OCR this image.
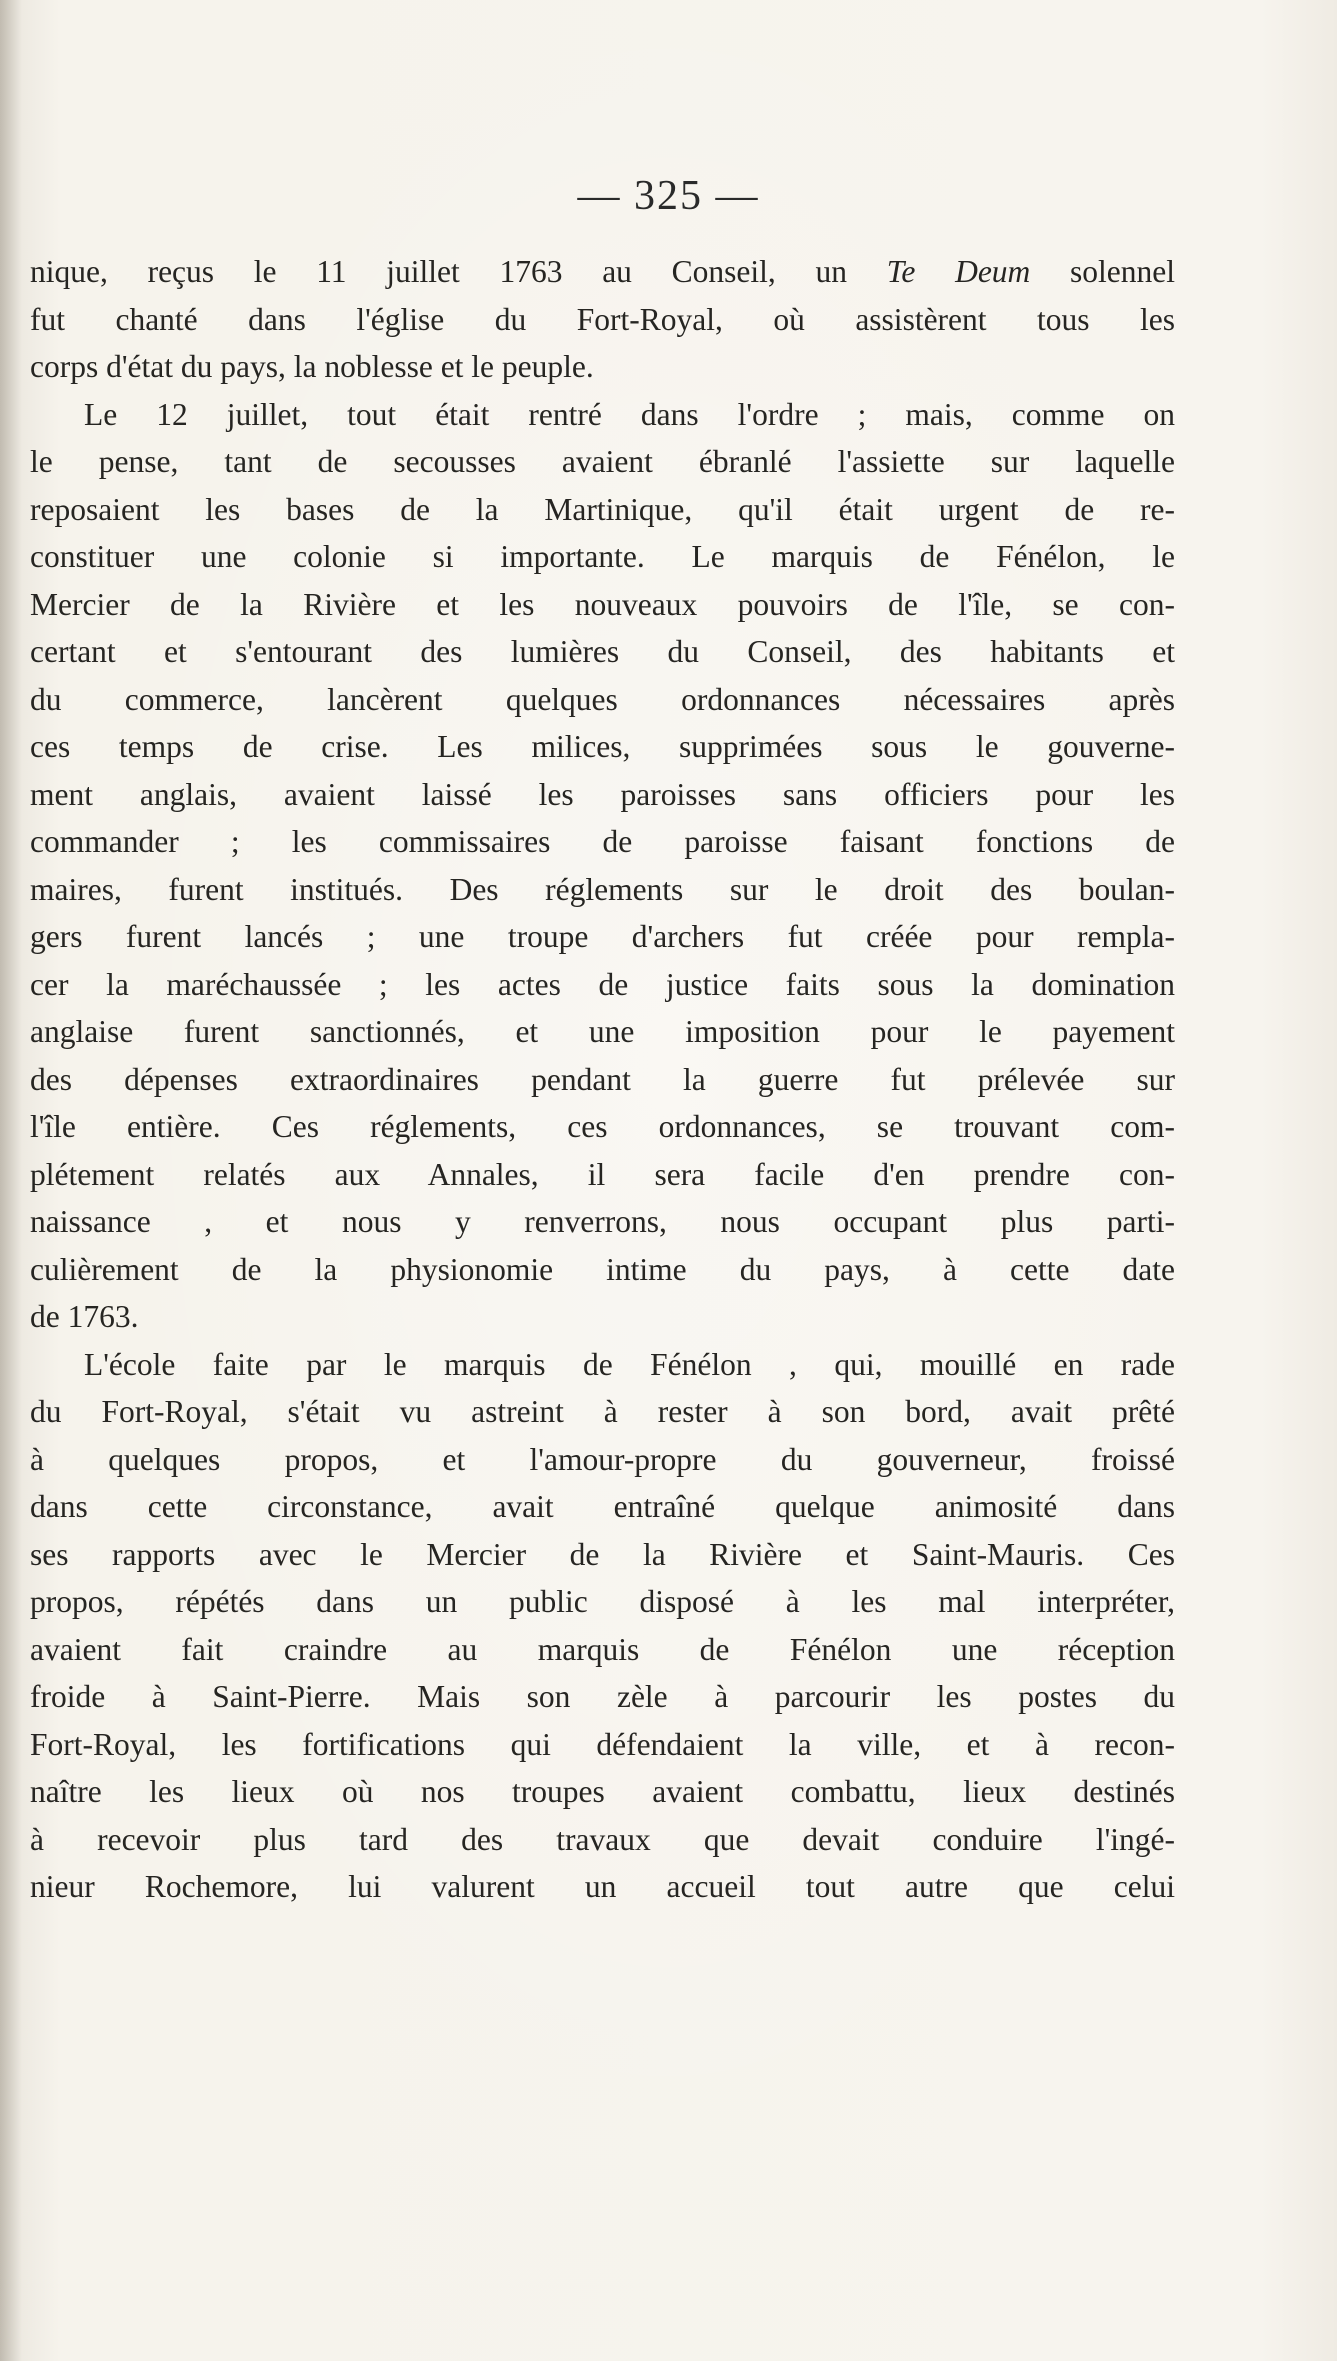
— 325 —
nique, reçus le 11 juillet 1763 au Conseil, un Te Deum solennel
fut chanté dans l'église du Fort-Royal, où assistèrent tous les
corps d'état du pays, la noblesse et le peuple.
Le 12 juillet, tout était rentré dans l'ordre ; mais, comme on
le pense, tant de secousses avaient ébranlé l'assiette sur laquelle
reposaient les bases de la Martinique, qu'il était urgent de re-
constituer une colonie si importante. Le marquis de Fénélon, le
Mercier de la Rivière et les nouveaux pouvoirs de l'île, se con-
certant et s'entourant des lumières du Conseil, des habitants et
du commerce, lancèrent quelques ordonnances nécessaires après
ces temps de crise. Les milices, supprimées sous le gouverne-
ment anglais, avaient laissé les paroisses sans officiers pour les
commander ; les commissaires de paroisse faisant fonctions de
maires, furent institués. Des réglements sur le droit des boulan-
gers furent lancés ; une troupe d'archers fut créée pour rempla-
cer la maréchaussée ; les actes de justice faits sous la domination
anglaise furent sanctionnés, et une imposition pour le payement
des dépenses extraordinaires pendant la guerre fut prélevée sur
l'île entière. Ces réglements, ces ordonnances, se trouvant com-
plétement relatés aux Annales, il sera facile d'en prendre con-
naissance , et nous y renverrons, nous occupant plus parti-
culièrement de la physionomie intime du pays, à cette date
de 1763.
L'école faite par le marquis de Fénélon , qui, mouillé en rade
du Fort-Royal, s'était vu astreint à rester à son bord, avait prêté
à quelques propos, et l'amour-propre du gouverneur, froissé
dans cette circonstance, avait entraîné quelque animosité dans
ses rapports avec le Mercier de la Rivière et Saint-Mauris. Ces
propos, répétés dans un public disposé à les mal interpréter,
avaient fait craindre au marquis de Fénélon une réception
froide à Saint-Pierre. Mais son zèle à parcourir les postes du
Fort-Royal, les fortifications qui défendaient la ville, et à recon-
naître les lieux où nos troupes avaient combattu, lieux destinés
à recevoir plus tard des travaux que devait conduire l'ingé-
nieur Rochemore, lui valurent un accueil tout autre que celui
